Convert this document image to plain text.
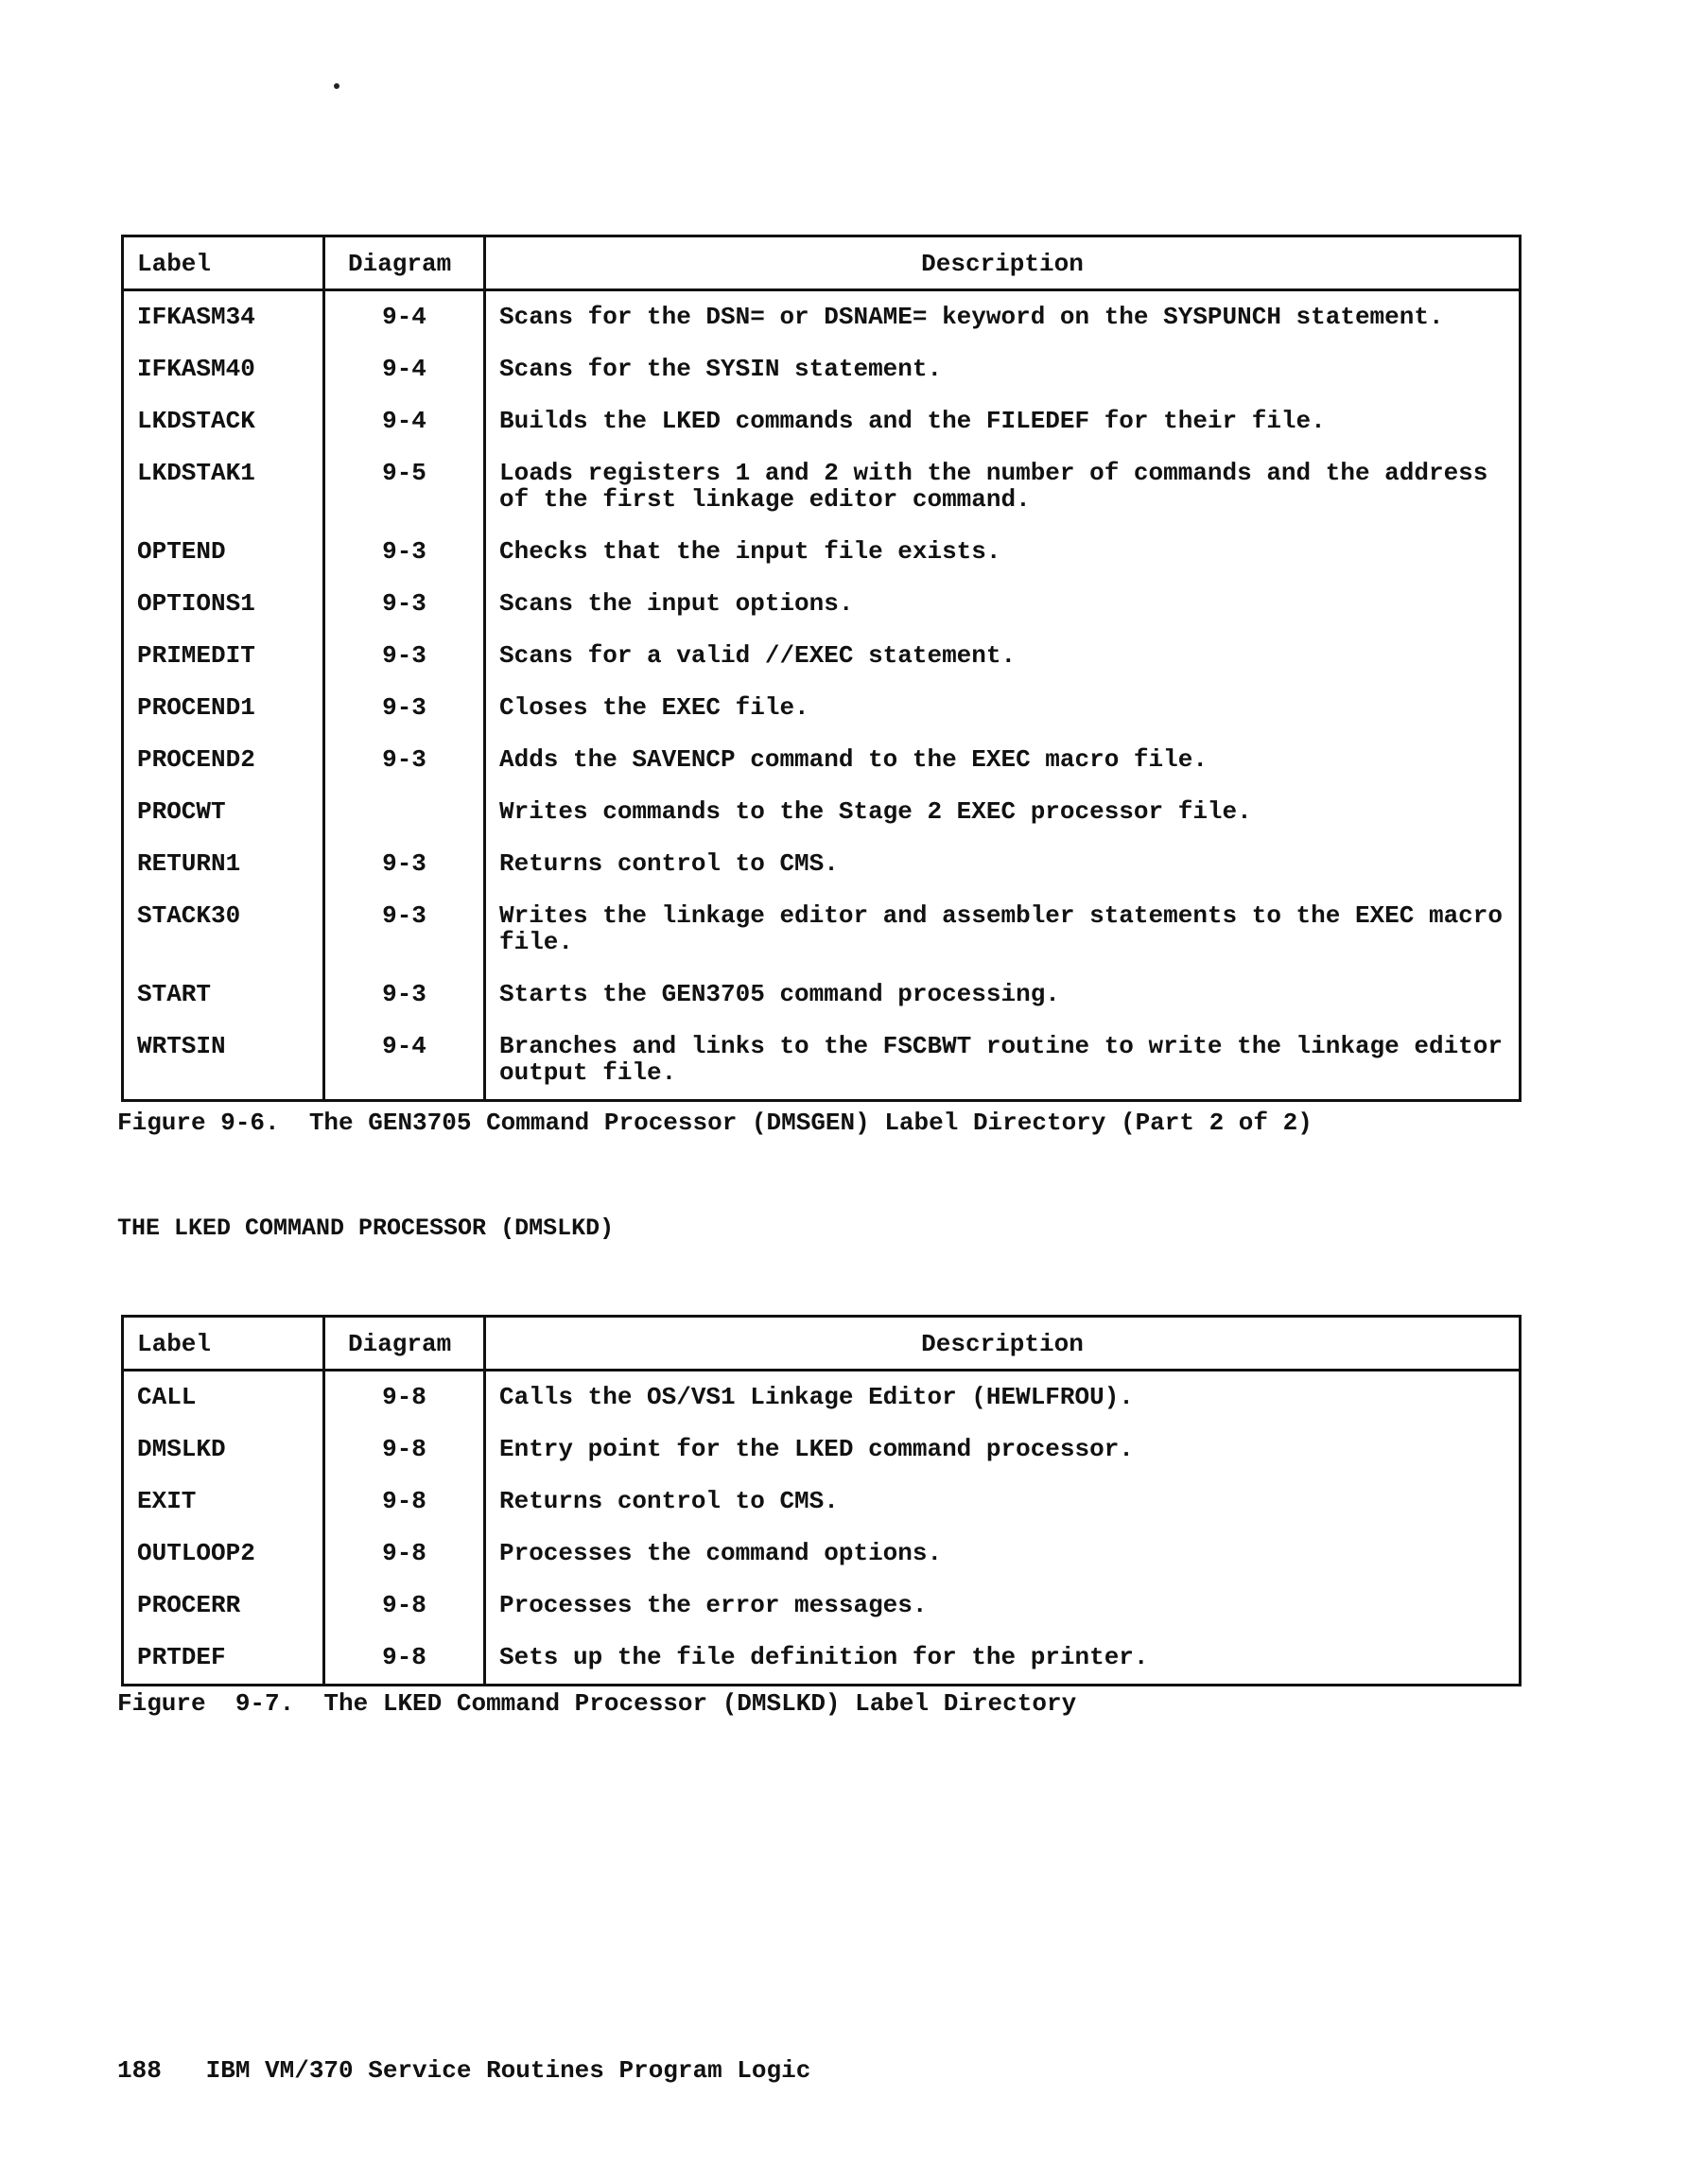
Label	Diagram	Description
IFKASM34	9-4	Scans for the DSN= or DSNAME= keyword on the SYSPUNCH statement.
IFKASM40	9-4	Scans for the SYSIN statement.
LKDSTACK	9-4	Builds the LKED commands and the FILEDEF for their file.
LKDSTAK1	9-5	Loads registers 1 and 2 with the number of commands and the address of the first linkage editor command.
OPTEND	9-3	Checks that the input file exists.
OPTIONS1	9-3	Scans the input options.
PRIMEDIT	9-3	Scans for a valid //EXEC statement.
PROCEND1	9-3	Closes the EXEC file.
PROCEND2	9-3	Adds the SAVENCP command to the EXEC macro file.
PROCWT		Writes commands to the Stage 2 EXEC processor file.
RETURN1	9-3	Returns control to CMS.
STACK30	9-3	Writes the linkage editor and assembler statements to the EXEC macro file.
START	9-3	Starts the GEN3705 command processing.
WRTSIN	9-4	Branches and links to the FSCBWT routine to write the linkage editor output file.
Figure 9-6.  The GEN3705 Command Processor (DMSGEN) Label Directory (Part 2 of 2)
THE LKED COMMAND PROCESSOR (DMSLKD)
Label	Diagram	Description
CALL	9-8	Calls the OS/VS1 Linkage Editor (HEWLFROU).
DMSLKD	9-8	Entry point for the LKED command processor.
EXIT	9-8	Returns control to CMS.
OUTLOOP2	9-8	Processes the command options.
PROCERR	9-8	Processes the error messages.
PRTDEF	9-8	Sets up the file definition for the printer.
Figure  9-7.  The LKED Command Processor (DMSLKD) Label Directory
188   IBM VM/370 Service Routines Program Logic
